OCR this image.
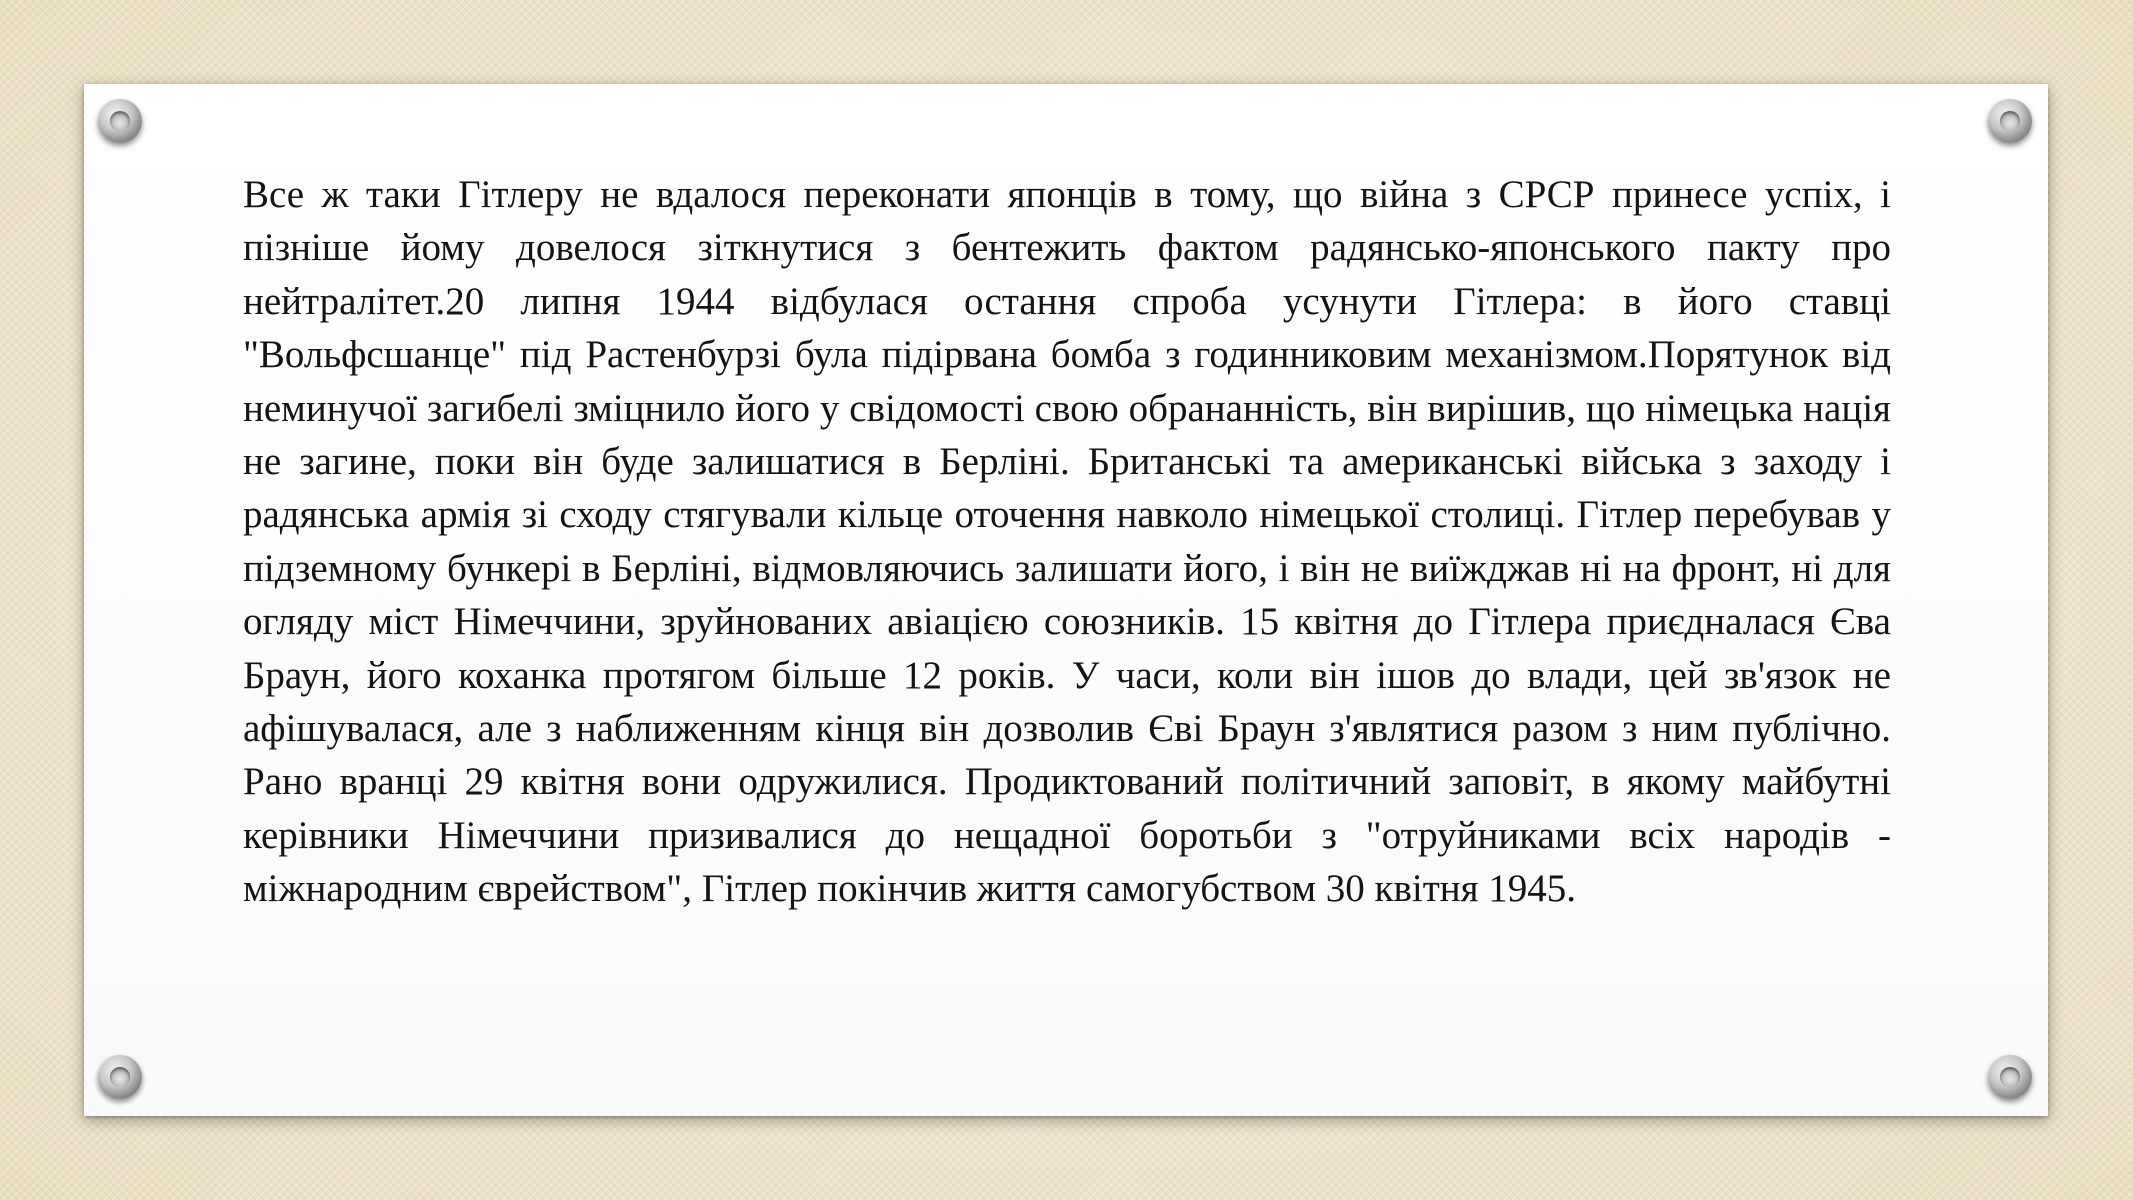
Все ж таки Гітлеру не вдалося переконати японців в тому, що війна з СРСР принесе успіх, і пізніше йому довелося зіткнутися з бентежить фактом радянсько-японського пакту про нейтралітет.20 липня 1944 відбулася остання спроба усунути Гітлера: в його ставці "Вольфсшанце" під Растенбурзі була підірвана бомба з годинниковим механізмом.Порятунок від неминучої загибелі зміцнило його у свідомості свою обрананність, він вирішив, що німецька нація не загине, поки він буде залишатися в Берліні. Британські та американські війська з заходу і радянська армія зі сходу стягували кільце оточення навколо німецької столиці. Гітлер перебував у підземному бункері в Берліні, відмовляючись залишати його, і він не виїжджав ні на фронт, ні для огляду міст Німеччини, зруйнованих авіацією союзників. 15 квітня до Гітлера приєдналася Єва Браун, його коханка протягом більше 12 років. У часи, коли він ішов до влади, цей зв'язок не афішувалася, але з наближенням кінця він дозволив Єві Браун з'являтися разом з ним публічно. Рано вранці 29 квітня вони одружилися. Продиктований політичний заповіт, в якому майбутні керівники Німеччини призивалися до нещадної боротьби з "отруйниками всіх народів - міжнародним єврейством", Гітлер покінчив життя самогубством 30 квітня 1945.
